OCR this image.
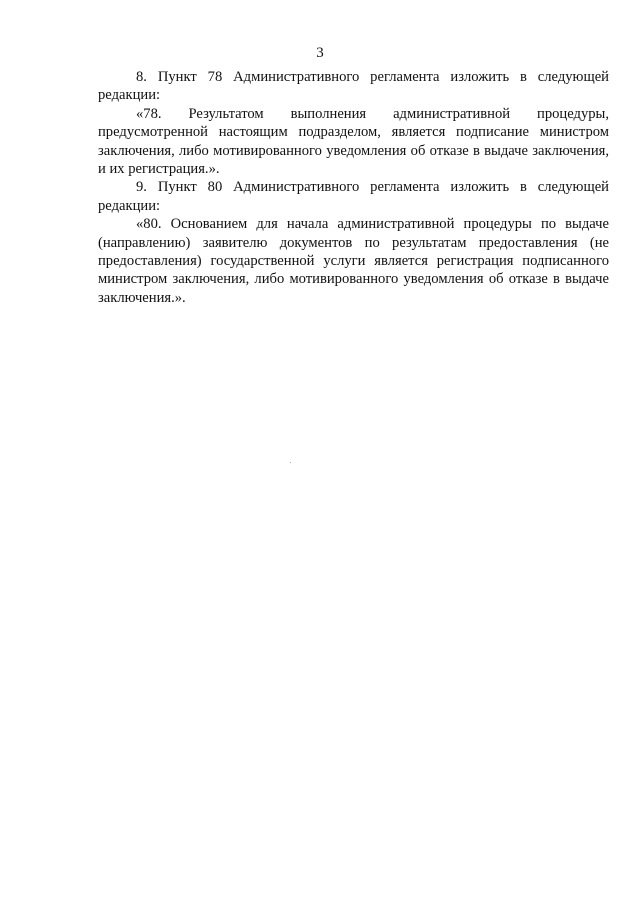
3

8. Пункт 78 Административного регламента изложить в следующей редакции:

«78. Результатом выполнения административной процедуры, предусмотренной настоящим подразделом, является подписание министром заключения, либо мотивированного уведомления об отказе в выдаче заключения, и их регистрация.».

9. Пункт 80 Административного регламента изложить в следующей редакции:

«80. Основанием для начала административной процедуры по выдаче (направлению) заявителю документов по результатам предоставления (не предоставления) государственной услуги является регистрация подписанного министром заключения, либо мотивированного уведомления об отказе в выдаче заключения.».
